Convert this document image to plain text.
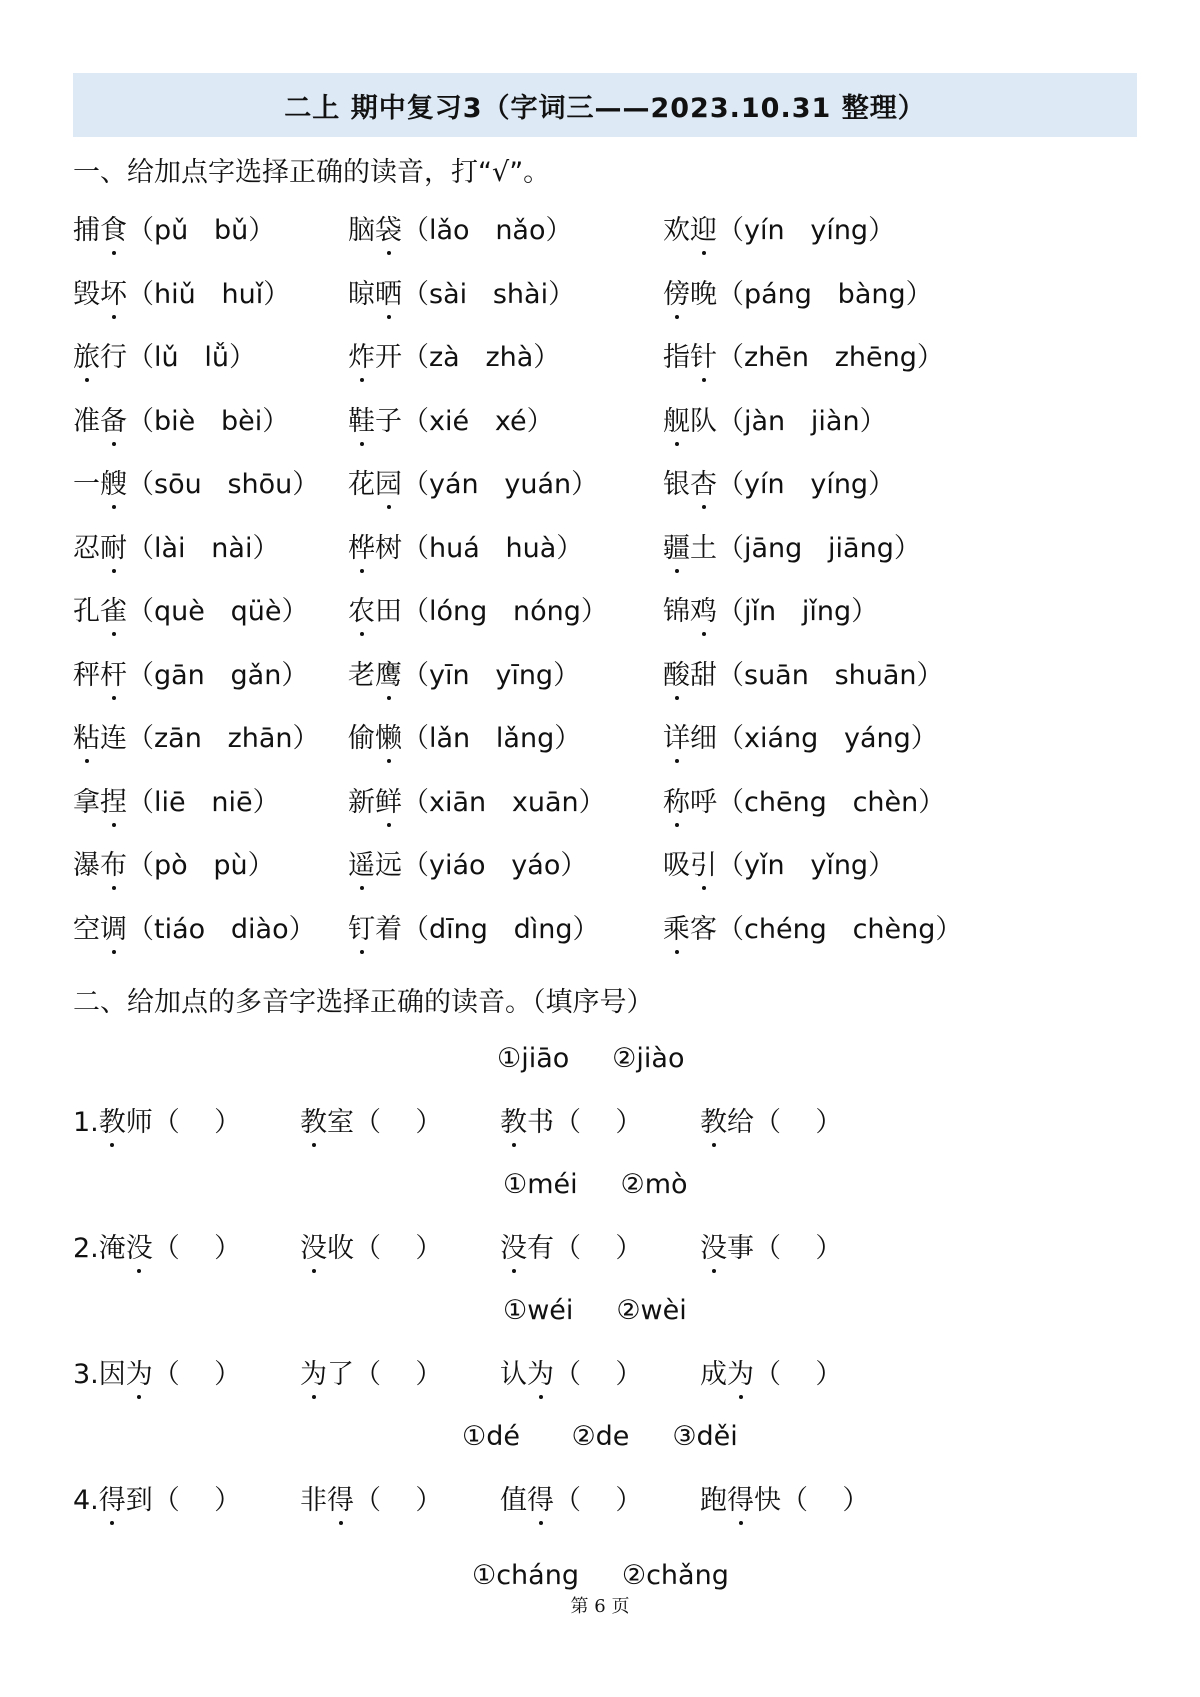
二上 期中复习3（字词三——2023.10.31 整理）
一、给加点字选择正确的读音，打“√”。
捕食（pǔ   bǔ）	脑袋（lǎo   nǎo）	欢迎（yín   yíng）
毁坏（hiǔ   huǐ） 晾晒（sài   shài）	傍晚（páng   bàng）
旅行（lǔ   lǚ）	炸开（zà   zhà）	指针（zhēn   zhēng）
准备（biè   bèi） 鞋子（xié   xé）	舰队（jàn   jiàn）
一艘（sōu   shōu） 花园（yán   yuán） 银杏（yín   yíng）
忍耐（lài   nài）	桦树（huá   huà）	疆土（jāng   jiāng）
孔雀（què   qüè） 农田（lóng   nóng） 锦鸡（jǐn   jǐng）
秤杆（gān   gǎn） 老鹰（yīn   yīng）	酸甜（suān   shuān）
粘连（zān   zhān） 偷懒（lǎn   lǎng）	详细（xiáng   yáng）
拿捏（liē   niē）	新鲜（xiān   xuān） 称呼（chēng   chèn）
瀑布（pò   pù）	遥远（yiáo   yáo）	吸引（yǐn   yǐng）
空调（tiáo   diào） 钉着（dīng   dìng） 乘客（chéng   chèng）
二、给加点的多音字选择正确的读音。（填序号）
①jiāo     ②jiào
1.教师（    ） 教室（    ） 教书（    ） 教给（    ）
①méi     ②mò
2.淹没（    ） 没收（    ） 没有（    ） 没事（    ）
①wéi     ②wèi
3.因为（    ） 为了（    ） 认为（    ） 成为（    ）
①dé      ②de     ③děi
4.得到（    ） 非得（    ） 值得（    ） 跑得快（    ）
①cháng     ②chǎng
第 6 页
